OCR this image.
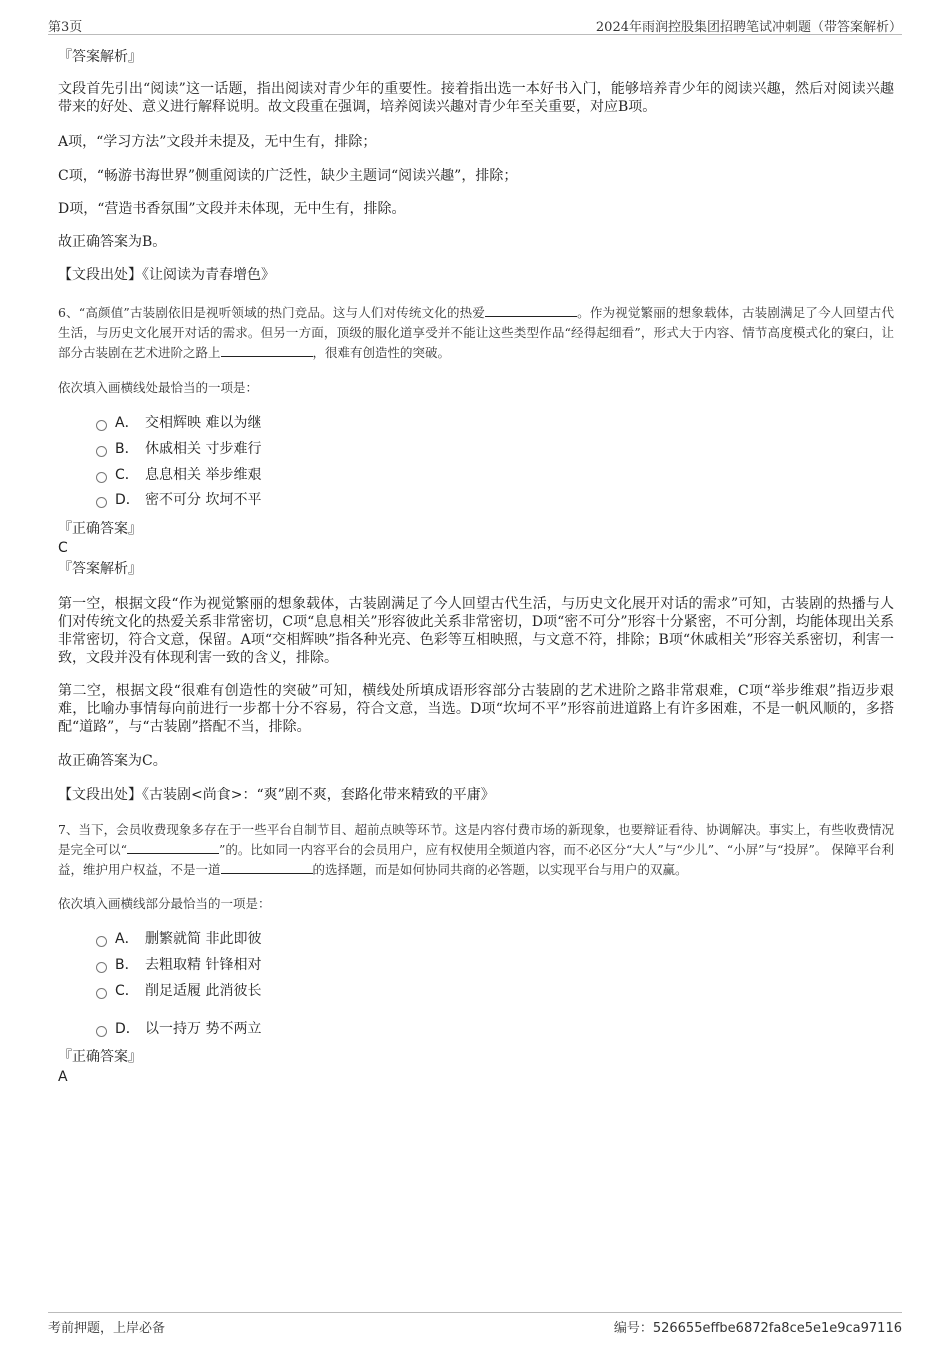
第3页	2024年雨润控股集团招聘笔试冲刺题（带答案解析）
『答案解析』
文段首先引出“阅读”这一话题，指出阅读对青少年的重要性。接着指出选一本好书入门，能够培养青少年的阅读兴趣，然后对阅读兴趣带来的好处、意义进行解释说明。故文段重在强调，培养阅读兴趣对青少年至关重要，对应B项。
A项，“学习方法”文段并未提及，无中生有，排除；
C项，“畅游书海世界”侧重阅读的广泛性，缺少主题词“阅读兴趣”，排除；
D项，“营造书香氛围”文段并未体现，无中生有，排除。
故正确答案为B。
【文段出处】《让阅读为青春增色》
6、“高颜值”古装剧依旧是视听领域的热门竞品。这与人们对传统文化的热爱	。作为视觉繁丽的想象载体，古装剧满足了今人回望古代生活，与历史文化展开对话的需求。但另一方面，顶级的服化道享受并不能让这些类型作品“经得起细看”，形式大于内容、情节高度模式化的窠臼，让部分古装剧在艺术进阶之路上	，很难有创造性的突破。
依次填入画横线处最恰当的一项是：
A． 交相辉映 难以为继
B． 休戚相关 寸步难行
C． 息息相关 举步维艰
D． 密不可分 坎坷不平
『正确答案』
C
『答案解析』
第一空，根据文段“作为视觉繁丽的想象载体，古装剧满足了今人回望古代生活，与历史文化展开对话的需求”可知，古装剧的热播与人们对传统文化的热爱关系非常密切，C项“息息相关”形容彼此关系非常密切，D项“密不可分”形容十分紧密，不可分割，均能体现出关系非常密切，符合文意，保留。A项“交相辉映”指各种光亮、色彩等互相映照，与文意不符，排除；B项“休戚相关”形容关系密切，利害一致，文段并没有体现利害一致的含义，排除。
第二空，根据文段“很难有创造性的突破”可知，横线处所填成语形容部分古装剧的艺术进阶之路非常艰难，C项“举步维艰”指迈步艰难，比喻办事情每向前进行一步都十分不容易，符合文意，当选。D项“坎坷不平”形容前进道路上有许多困难，不是一帆风顺的，多搭配“道路”，与“古装剧”搭配不当，排除。
故正确答案为C。
【文段出处】《古装剧<尚食>：“爽”剧不爽，套路化带来精致的平庸》
7、当下，会员收费现象多存在于一些平台自制节目、超前点映等环节。这是内容付费市场的新现象，也要辩证看待、协调解决。事实上，有些收费情况是完全可以“	”的。比如同一内容平台的会员用户，应有权使用全频道内容，而不必区分“大人”与“少儿”、“小屏”与“投屏”。 保障平台利益，维护用户权益，不是一道	的选择题，而是如何协同共商的必答题，以实现平台与用户的双赢。
依次填入画横线部分最恰当的一项是：
A． 删繁就简 非此即彼
B． 去粗取精 针锋相对
C． 削足适履 此消彼长
D． 以一持万 势不两立
『正确答案』
A
考前押题，上岸必备	编号：526655effbe6872fa8ce5e1e9ca97116
